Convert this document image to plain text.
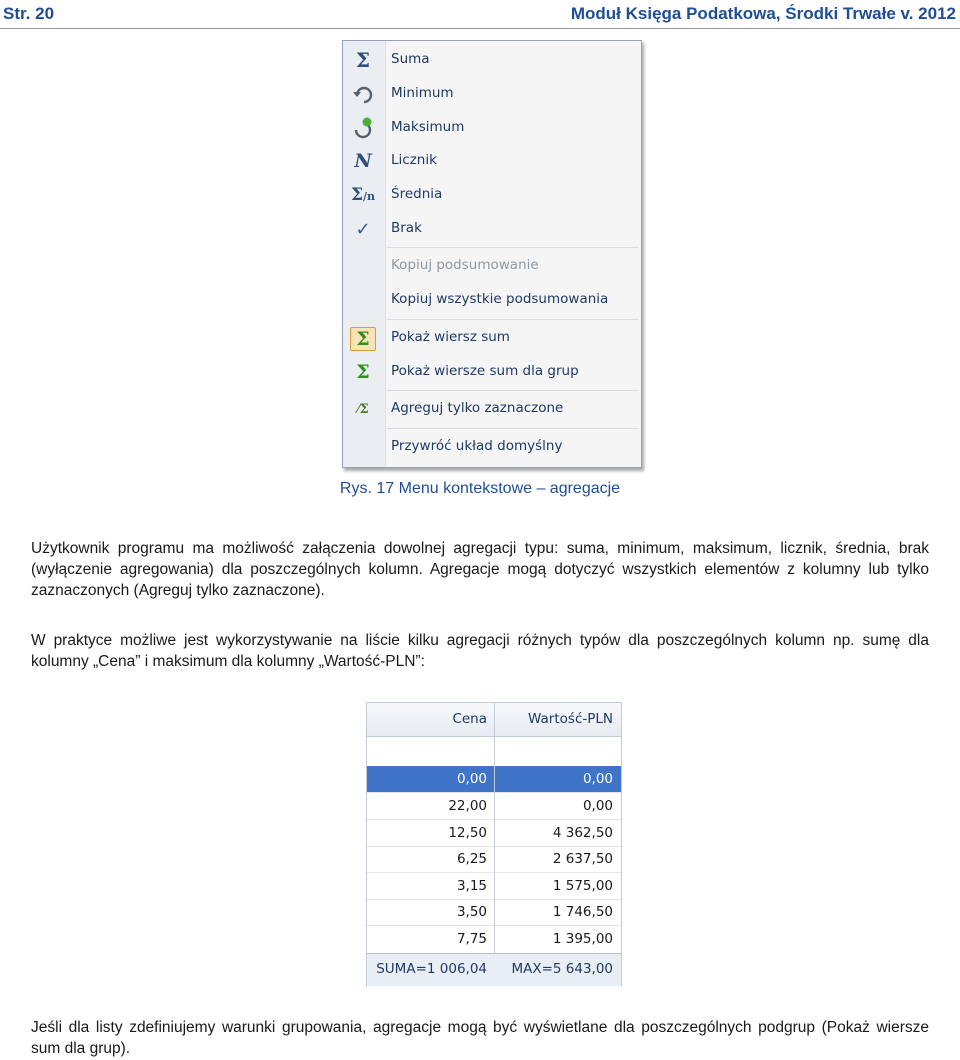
Str. 20	Moduł Księga Podatkowa, Środki Trwałe v. 2012
Σ Suma
Minimum
Maksimum
N Licznik
Σ/n Średnia
✓ Brak
Kopiuj podsumowanie
Kopiuj wszystkie podsumowania
Σ Pokaż wiersz sum
Σ Pokaż wiersze sum dla grup
⁄Σ Agreguj tylko zaznaczone
Przywróć układ domyślny
Rys. 17 Menu kontekstowe – agregacje
Użytkownik programu ma możliwość załączenia dowolnej agregacji typu: suma, minimum, maksimum, licznik, średnia, brak (wyłączenie agregowania) dla poszczególnych kolumn. Agregacje mogą dotyczyć wszystkich elementów z kolumny lub tylko zaznaczonych (Agreguj tylko zaznaczone).
W praktyce możliwe jest wykorzystywanie na liście kilku agregacji różnych typów dla poszczególnych kolumn np. sumę dla kolumny „Cena” i maksimum dla kolumny „Wartość-PLN”:
Cena	Wartość-PLN
0,00	0,00
22,00	0,00
12,50	4 362,50
6,25	2 637,50
3,15	1 575,00
3,50	1 746,50
7,75	1 395,00
SUMA=1 006,04 MAX=5 643,00
Jeśli dla listy zdefiniujemy warunki grupowania, agregacje mogą być wyświetlane dla poszczególnych podgrup (Pokaż wiersze sum dla grup).
